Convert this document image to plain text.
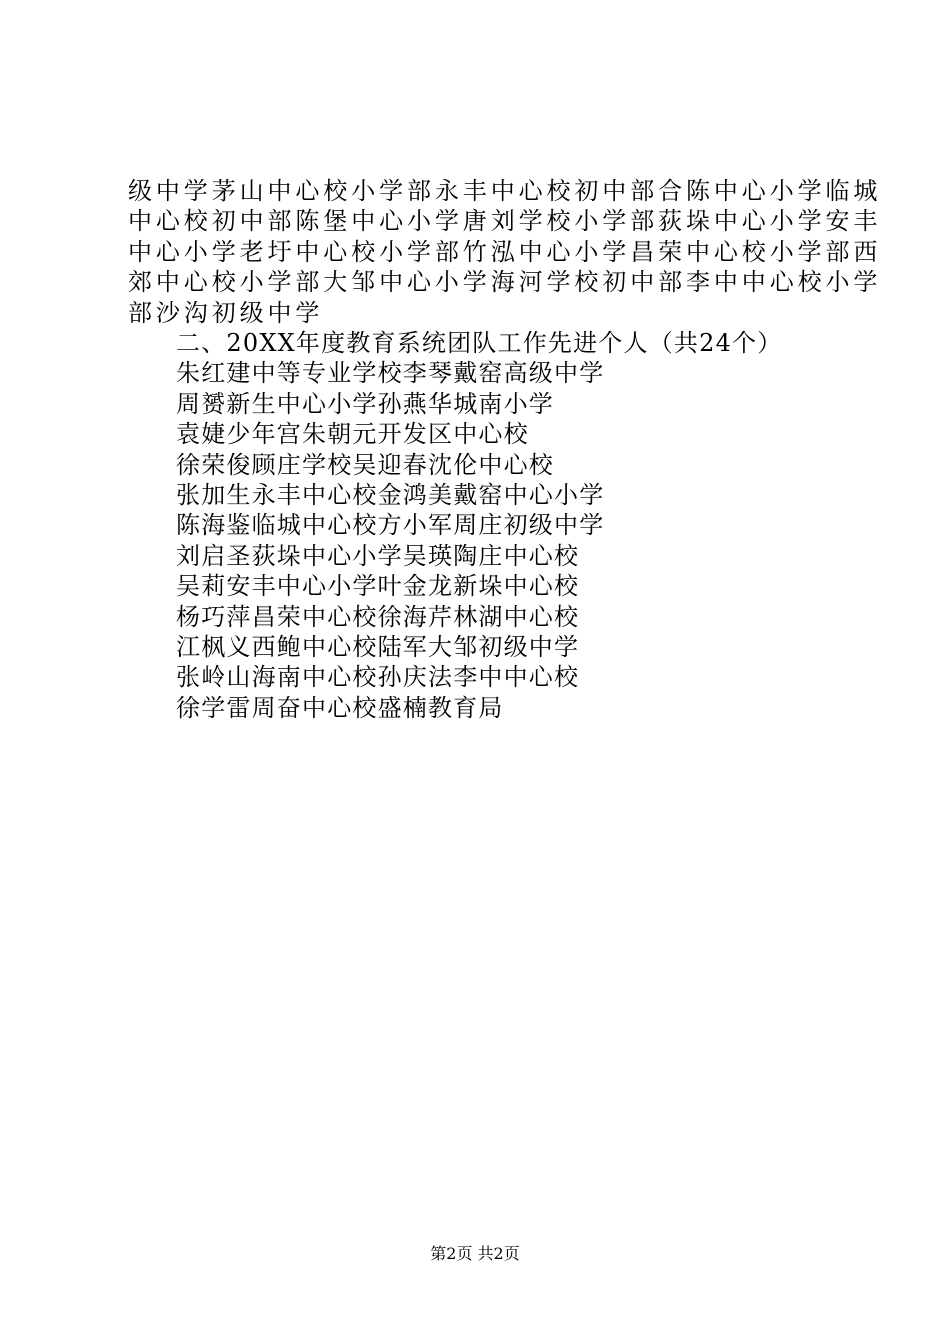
级中学茅山中心校小学部永丰中心校初中部合陈中心小学临城
中心校初中部陈堡中心小学唐刘学校小学部荻垛中心小学安丰
中心小学老圩中心校小学部竹泓中心小学昌荣中心校小学部西
郊中心校小学部大邹中心小学海河学校初中部李中中心校小学
部沙沟初级中学
二、20XX年度教育系统团队工作先进个人（共24个）
朱红建中等专业学校李琴戴窑高级中学
周赟新生中心小学孙燕华城南小学
袁婕少年宫朱朝元开发区中心校
徐荣俊顾庄学校吴迎春沈伦中心校
张加生永丰中心校金鸿美戴窑中心小学
陈海鉴临城中心校方小军周庄初级中学
刘启圣荻垛中心小学吴瑛陶庄中心校
吴莉安丰中心小学叶金龙新垛中心校
杨巧萍昌荣中心校徐海芹林湖中心校
江枫义西鲍中心校陆军大邹初级中学
张岭山海南中心校孙庆法李中中心校
徐学雷周奋中心校盛楠教育局
第2页 共2页
